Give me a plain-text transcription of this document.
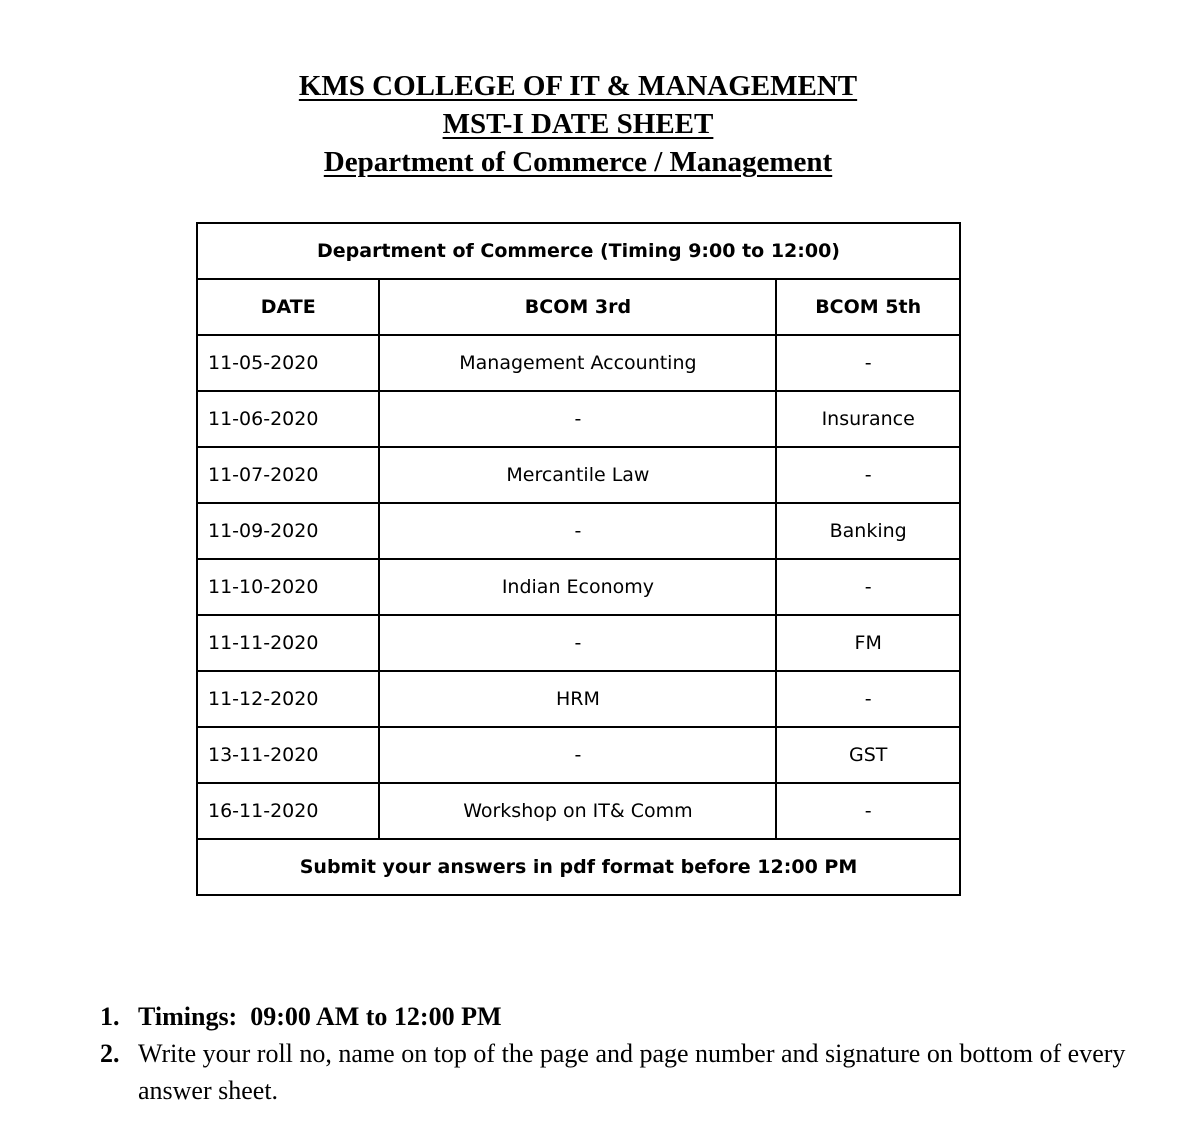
KMS COLLEGE OF IT & MANAGEMENT
MST-I DATE SHEET
Department of Commerce / Management
Department of Commerce (Timing 9:00 to 12:00)		
DATE	BCOM 3rd	BCOM 5th
11-05-2020	Management Accounting	-
11-06-2020	-	Insurance
11-07-2020	Mercantile Law	-
11-09-2020	-	Banking
11-10-2020	Indian Economy	-
11-11-2020	-	FM
11-12-2020	HRM	-
13-11-2020	-	GST
16-11-2020	Workshop on IT& Comm	-
Submit your answers in pdf format before 12:00 PM		
1. Timings:  09:00 AM to 12:00 PM
2. Write your roll no, name on top of the page and page number and signature on bottom of every answer sheet.
